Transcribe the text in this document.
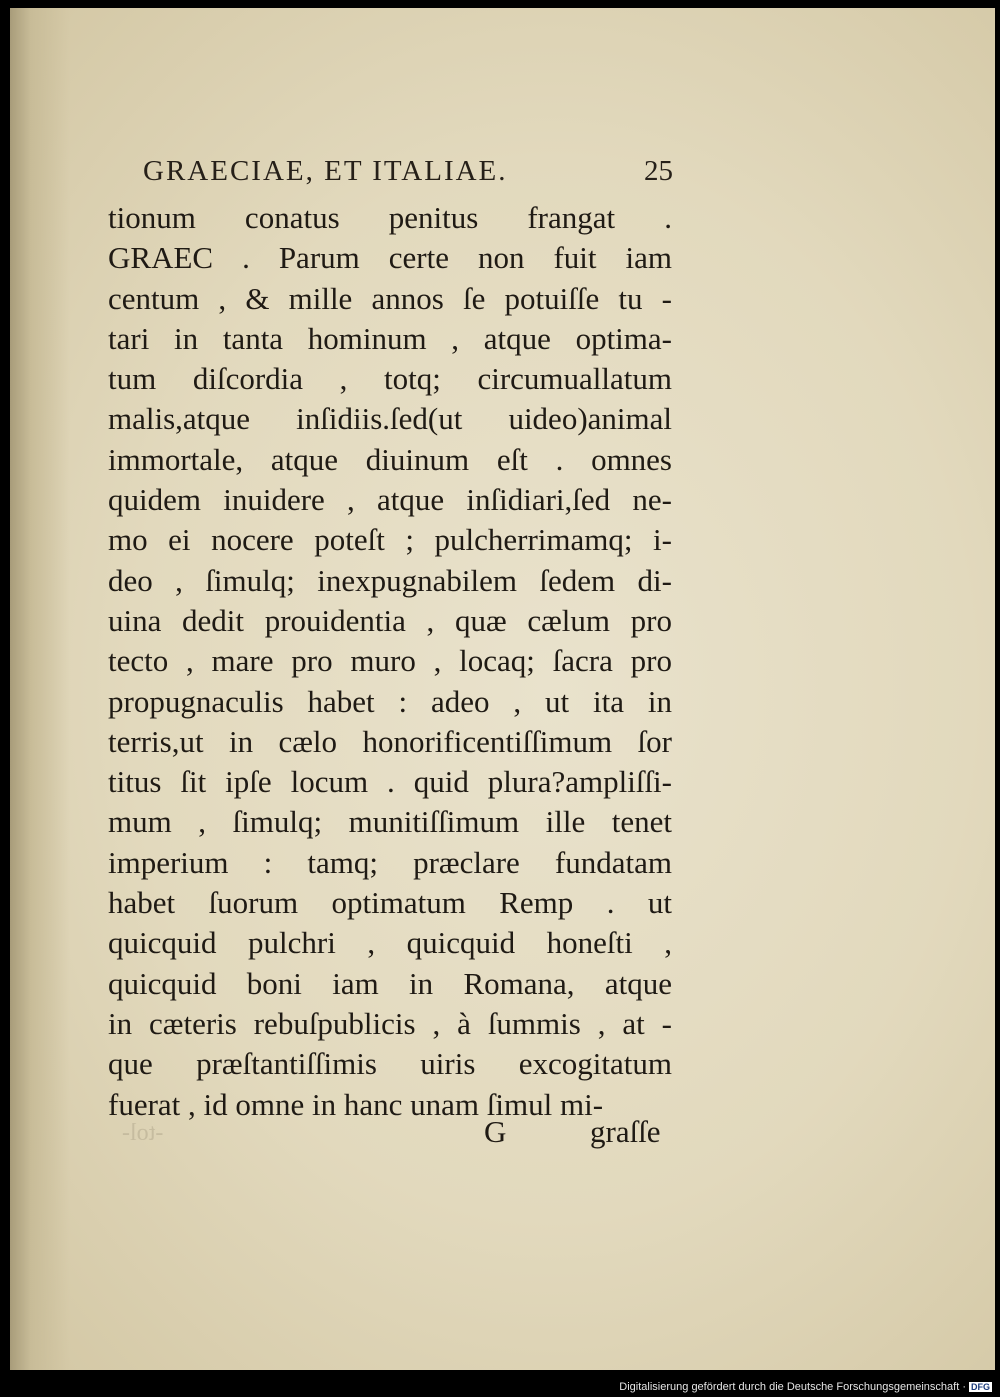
GRAECIAE, ET ITALIAE.	25
tionum conatus penitus frangat .
GRAEC . Parum certe non fuit iam
centum , & mille annos ſe potuiſſe tu -
tari in tanta hominum , atque optima-
tum diſcordia , totq; circumuallatum
malis,atque inſidiis.ſed(ut uideo)animal
immortale, atque diuinum eſt . omnes
quidem inuidere , atque inſidiari,ſed ne-
mo ei nocere poteſt ; pulcherrimamq; i-
deo , ſimulq; inexpugnabilem ſedem di-
uina dedit prouidentia , quæ cælum pro
tecto , mare pro muro , locaq; ſacra pro
propugnaculis habet : adeo , ut ita in
terris,ut in cælo honorificentiſſimum ſor
titus ſit ipſe locum . quid plura?ampliſſi-
mum , ſimulq; munitiſſimum ille tenet
imperium : tamq; præclare fundatam
habet ſuorum optimatum Remp . ut
quicquid pulchri , quicquid honeſti ,
quicquid boni iam in Romana, atque
in cæteris rebuſpublicis , à ſummis , at -
que præſtantiſſimis uiris excogitatum
fuerat , id omne in hanc unam ſimul mi-
-tol-	G	graſſe
Digitalisierung gefördert durch die Deutsche Forschungsgemeinschaft · DFG
